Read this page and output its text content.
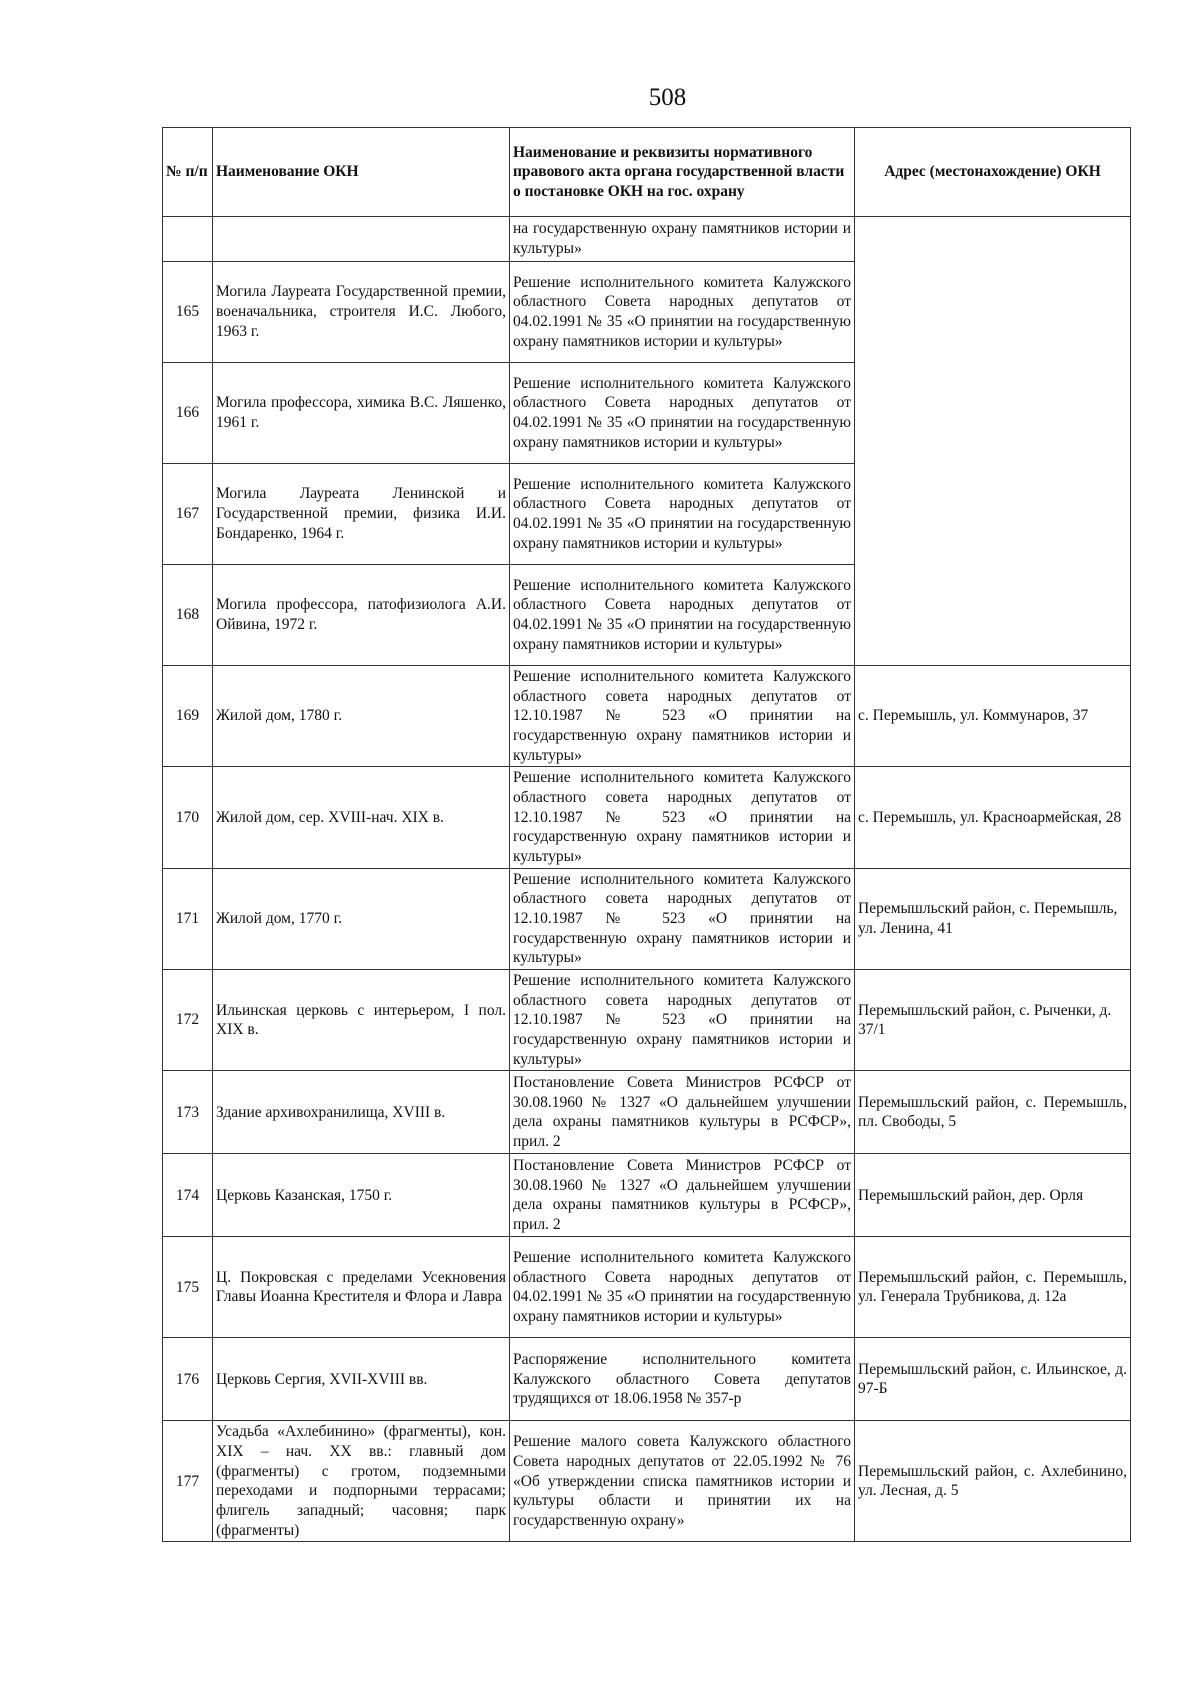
508
№ п/п	Наименование ОКН	Наименование и реквизиты нормативного правового акта органа государственной власти о постановке ОКН на гос. охрану	Адрес (местонахождение) ОКН
		на государственную охрану памятников истории и культуры»	
165	Могила Лауреата Государственной премии, военачальника, строителя И.С. Любого, 1963 г.	Решение исполнительного комитета Калужского областного Совета народных депутатов от 04.02.1991 № 35 «О принятии на государственную охрану памятников истории и культуры»	
166	Могила профессора, химика В.С. Ляшенко, 1961 г.	Решение исполнительного комитета Калужского областного Совета народных депутатов от 04.02.1991 № 35 «О принятии на государственную охрану памятников истории и культуры»	
167	Могила Лауреата Ленинской и Государственной премии, физика И.И. Бондаренко, 1964 г.	Решение исполнительного комитета Калужского областного Совета народных депутатов от 04.02.1991 № 35 «О принятии на государственную охрану памятников истории и культуры»	
168	Могила профессора, патофизиолога А.И. Ойвина, 1972 г.	Решение исполнительного комитета Калужского областного Совета народных депутатов от 04.02.1991 № 35 «О принятии на государственную охрану памятников истории и культуры»	
169	Жилой дом, 1780 г.	Решение исполнительного комитета Калужского областного совета народных депутатов от 12.10.1987 № 523 «О принятии на государственную охрану памятников истории и культуры»	с. Перемышль, ул. Коммунаров, 37
170	Жилой дом, сер. XVIII-нач. XIX в.	Решение исполнительного комитета Калужского областного совета народных депутатов от 12.10.1987 № 523 «О принятии на государственную охрану памятников истории и культуры»	с. Перемышль, ул. Красноармейская, 28
171	Жилой дом, 1770 г.	Решение исполнительного комитета Калужского областного совета народных депутатов от 12.10.1987 № 523 «О принятии на государственную охрану памятников истории и культуры»	Перемышльский район, с. Перемышль, ул. Ленина, 41
172	Ильинская церковь с интерьером, I пол. XIX в.	Решение исполнительного комитета Калужского областного совета народных депутатов от 12.10.1987 № 523 «О принятии на государственную охрану памятников истории и культуры»	Перемышльский район, с. Рыченки, д. 37/1
173	Здание архивохранилища, XVIII в.	Постановление Совета Министров РСФСР от 30.08.1960 № 1327 «О дальнейшем улучшении дела охраны памятников культуры в РСФСР», прил. 2	Перемышльский район, с. Перемышль, пл. Свободы, 5
174	Церковь Казанская, 1750 г.	Постановление Совета Министров РСФСР от 30.08.1960 № 1327 «О дальнейшем улучшении дела охраны памятников культуры в РСФСР», прил. 2	Перемышльский район, дер. Орля
175	Ц. Покровская с пределами Усекновения Главы Иоанна Крестителя и Флора и Лавра	Решение исполнительного комитета Калужского областного Совета народных депутатов от 04.02.1991 № 35 «О принятии на государственную охрану памятников истории и культуры»	Перемышльский район, с. Перемышль, ул. Генерала Трубникова, д. 12а
176	Церковь Сергия, XVII-XVIII вв.	Распоряжение исполнительного комитета Калужского областного Совета депутатов трудящихся от 18.06.1958 № 357-р	Перемышльский район, с. Ильинское, д. 97-Б
177	Усадьба «Ахлебинино» (фрагменты), кон. XIX – нач. XX вв.: главный дом (фрагменты) с гротом, подземными переходами и подпорными террасами; флигель западный; часовня; парк (фрагменты)	Решение малого совета Калужского областного Совета народных депутатов от 22.05.1992 № 76 «Об утверждении списка памятников истории и культуры области и принятии их на государственную охрану»	Перемышльский район, с. Ахлебинино, ул. Лесная, д. 5
